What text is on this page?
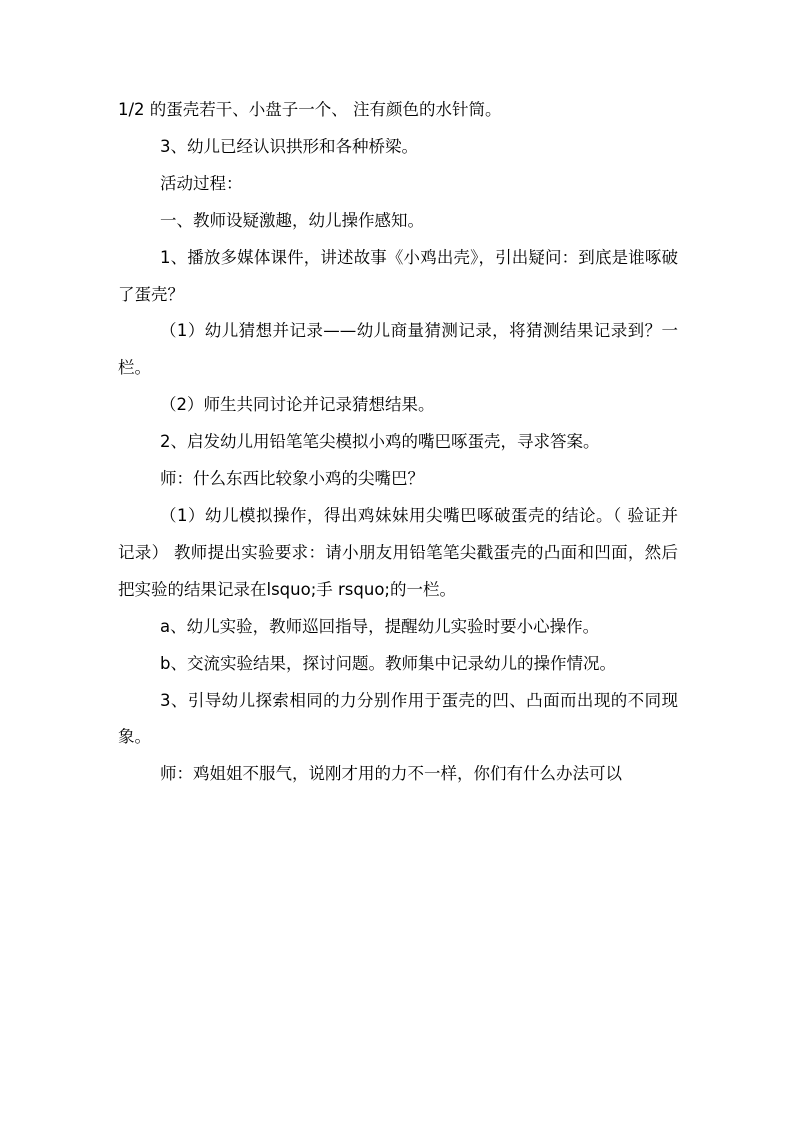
1/2 的蛋壳若干、小盘子一个、 注有颜色的水针筒。

3、幼儿已经认识拱形和各种桥梁。

活动过程：

一、教师设疑激趣，幼儿操作感知。

1、播放多媒体课件，讲述故事《小鸡出壳》，引出疑问：到底是谁啄破了蛋壳？

（1）幼儿猜想并记录——幼儿商量猜测记录，将猜测结果记录到？一栏。

（2）师生共同讨论并记录猜想结果。

2、启发幼儿用铅笔笔尖模拟小鸡的嘴巴啄蛋壳，寻求答案。

师：什么东西比较象小鸡的尖嘴巴？

（1）幼儿模拟操作，得出鸡妹妹用尖嘴巴啄破蛋壳的结论。（ 验证并记录） 教师提出实验要求：请小朋友用铅笔笔尖戳蛋壳的凸面和凹面，然后把实验的结果记录在lsquo;手 rsquo;的一栏。

a、幼儿实验，教师巡回指导，提醒幼儿实验时要小心操作。

b、交流实验结果，探讨问题。教师集中记录幼儿的操作情况。

3、引导幼儿探索相同的力分别作用于蛋壳的凹、凸面而出现的不同现象。

师：鸡姐姐不服气，说刚才用的力不一样，你们有什么办法可以
